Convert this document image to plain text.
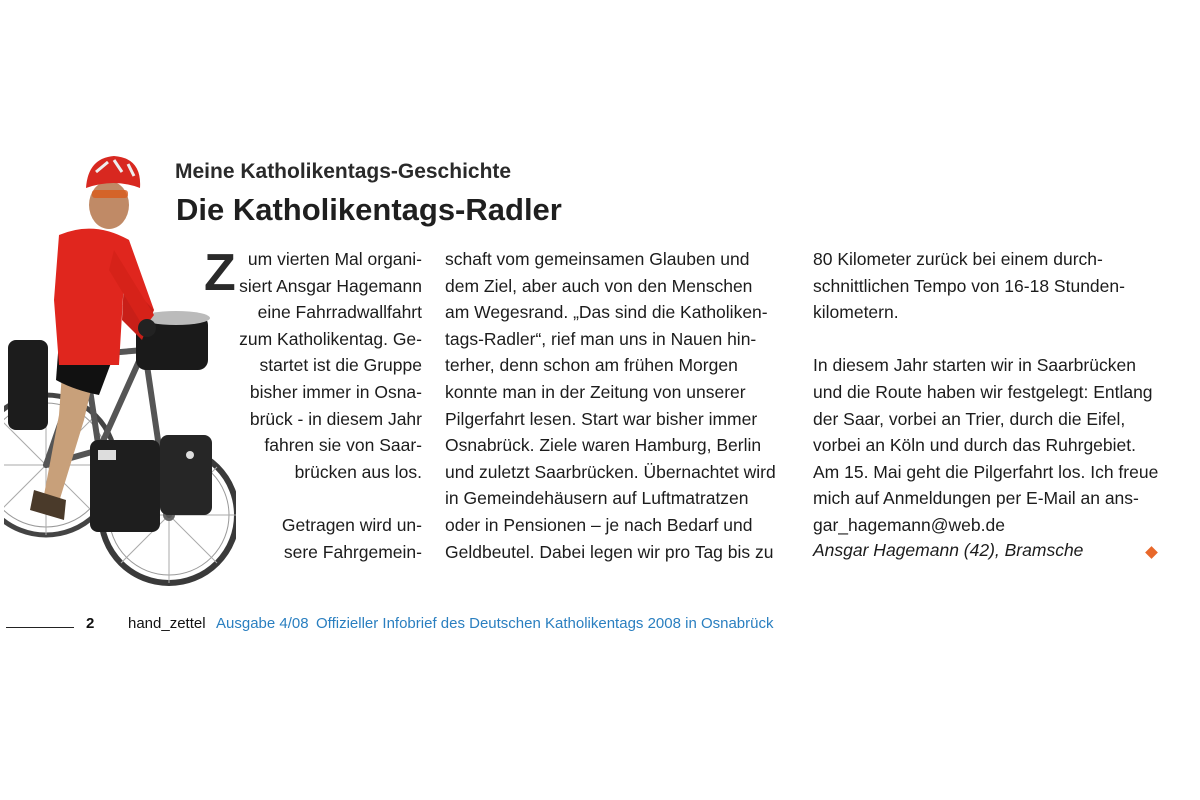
Meine Katholikentags-Geschichte
Die Katholikentags-Radler
Z um vierten Mal organi-
siert Ansgar Hagemann
eine Fahrradwallfahrt
zum Katholikentag. Ge-
startet ist die Gruppe
bisher immer in Osna-
brück - in diesem Jahr
fahren sie von Saar-
brücken aus los.
Getragen wird un-
sere Fahrgemein-
schaft vom gemeinsamen Glauben und
dem Ziel, aber auch von den Menschen
am Wegesrand. „Das sind die Katholiken-
tags-Radler“, rief man uns in Nauen hin-
terher, denn schon am frühen Morgen
konnte man in der Zeitung von unserer
Pilgerfahrt lesen. Start war bisher immer
Osnabrück. Ziele waren Hamburg, Berlin
und zuletzt Saarbrücken. Übernachtet wird
in Gemeindehäusern auf Luftmatratzen
oder in Pensionen – je nach Bedarf und
Geldbeutel. Dabei legen wir pro Tag bis zu
80 Kilometer zurück bei einem durch-
schnittlichen Tempo von 16-18 Stunden-
kilometern.
In diesem Jahr starten wir in Saarbrücken
und die Route haben wir festgelegt: Entlang
der Saar, vorbei an Trier, durch die Eifel,
vorbei an Köln und durch das Ruhrgebiet.
Am 15. Mai geht die Pilgerfahrt los. Ich freue
mich auf Anmeldungen per E-Mail an ans-
gar_hagemann@web.de
Ansgar Hagemann (42), Bramsche
2 hand_zettel Ausgabe 4/08 Offizieller Infobrief des Deutschen Katholikentags 2008 in Osnabrück
